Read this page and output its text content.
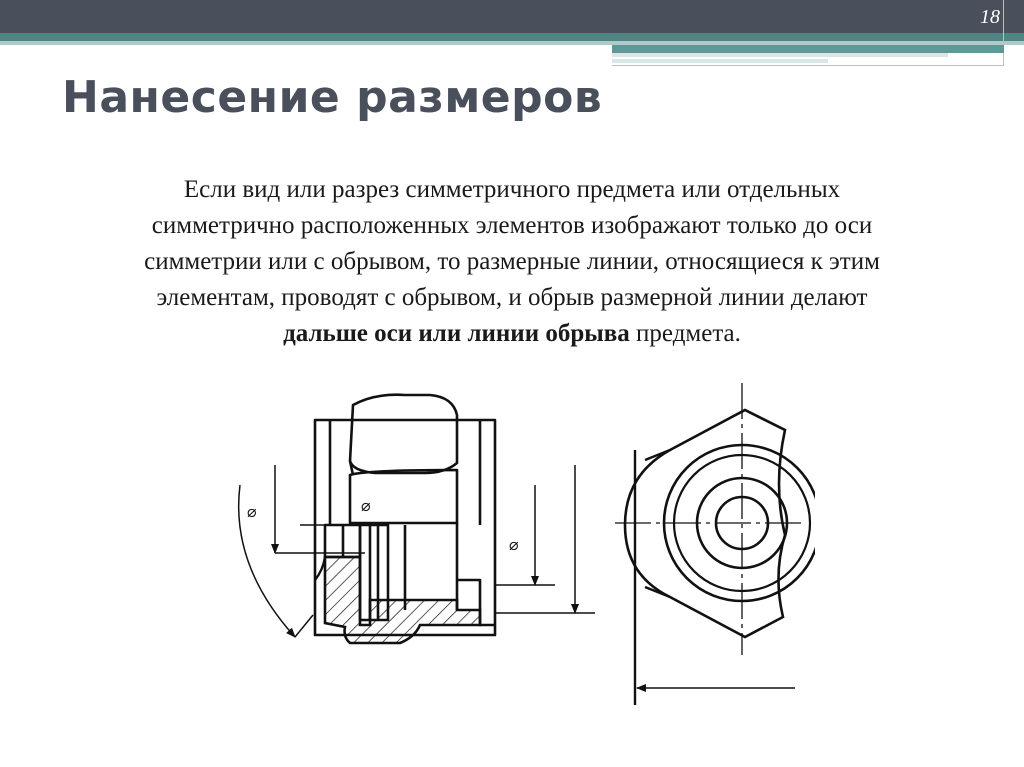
18
Нанесение размеров

Если вид или разрез симметричного предмета или отдельных
симметрично расположенных элементов изображают только до оси
симметрии или с обрывом, то размерные линии, относящиеся к этим
элементам, проводят с обрывом, и обрыв размерной линии делают
дальше оси или линии обрыва предмета.

⌀	⌀
⌀
